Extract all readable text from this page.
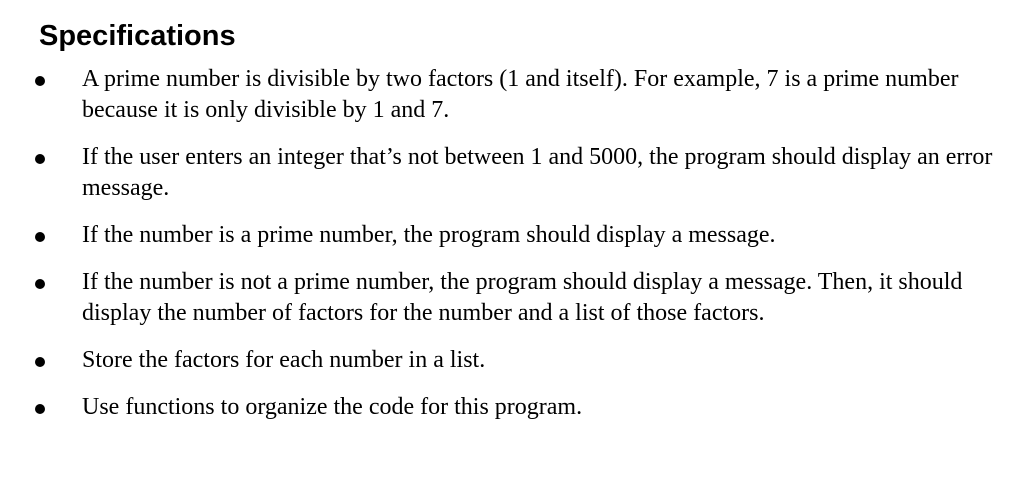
Specifications
A prime number is divisible by two factors (1 and itself). For example, 7 is a prime number because it is only divisible by 1 and 7.
If the user enters an integer that’s not between 1 and 5000, the program should display an error message.
If the number is a prime number, the program should display a message.
If the number is not a prime number, the program should display a message. Then, it should display the number of factors for the number and a list of those factors.
Store the factors for each number in a list.
Use functions to organize the code for this program.
